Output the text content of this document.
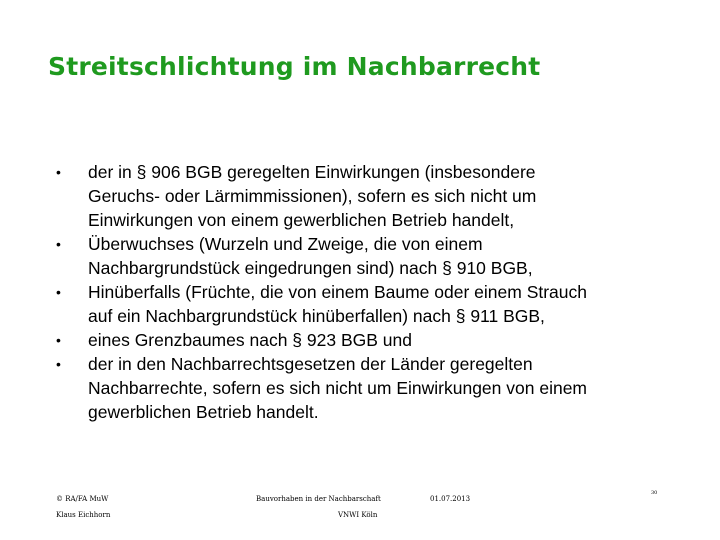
Streitschlichtung im Nachbarrecht
•	der in § 906 BGB geregelten Einwirkungen (insbesondere
Geruchs- oder Lärmimmissionen), sofern es sich nicht um
Einwirkungen von einem gewerblichen Betrieb handelt,
•	Überwuchses (Wurzeln und Zweige, die von einem
Nachbargrundstück eingedrungen sind) nach § 910 BGB,
•	Hinüberfalls (Früchte, die von einem Baume oder einem Strauch
auf ein Nachbargrundstück hinüberfallen) nach § 911 BGB,
•	eines Grenzbaumes nach § 923 BGB und
•	der in den Nachbarrechtsgesetzen der Länder geregelten
Nachbarrechte, sofern es sich nicht um Einwirkungen von einem
gewerblichen Betrieb handelt.
© RA/FA MuW
Klaus Eichhorn
Bauvorhaben in der Nachbarschaft
VNWI Köln
01.07.2013
30
